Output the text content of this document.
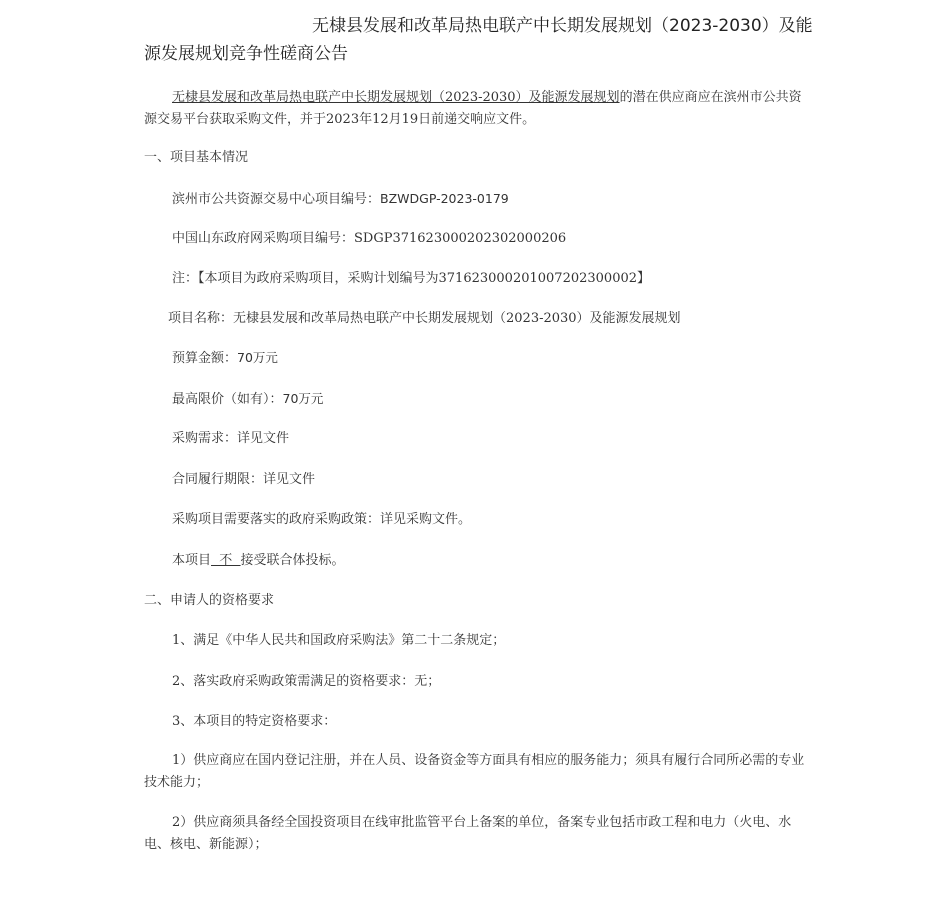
无棣县发展和改革局热电联产中长期发展规划（2023-2030）及能源发展规划竞争性磋商公告

无棣县发展和改革局热电联产中长期发展规划（2023-2030）及能源发展规划的潜在供应商应在滨州市公共资源交易平台获取采购文件，并于2023年12月19日前递交响应文件。

一、项目基本情况

滨州市公共资源交易中心项目编号：BZWDGP-2023-0179

中国山东政府网采购项目编号：SDGP371623000202302000206

注：【本项目为政府采购项目，采购计划编号为371623000201007202300002】

项目名称：无棣县发展和改革局热电联产中长期发展规划（2023-2030）及能源发展规划

预算金额：70万元

最高限价（如有）：70万元

采购需求：详见文件

合同履行期限：详见文件

采购项目需要落实的政府采购政策：详见采购文件。

本项目  不  接受联合体投标。

二、申请人的资格要求

1、满足《中华人民共和国政府采购法》第二十二条规定；

2、落实政府采购政策需满足的资格要求：无；

3、本项目的特定资格要求：

1）供应商应在国内登记注册，并在人员、设备资金等方面具有相应的服务能力；须具有履行合同所必需的专业技术能力；

2）供应商须具备经全国投资项目在线审批监管平台上备案的单位，备案专业包括市政工程和电力（火电、水电、核电、新能源）；
